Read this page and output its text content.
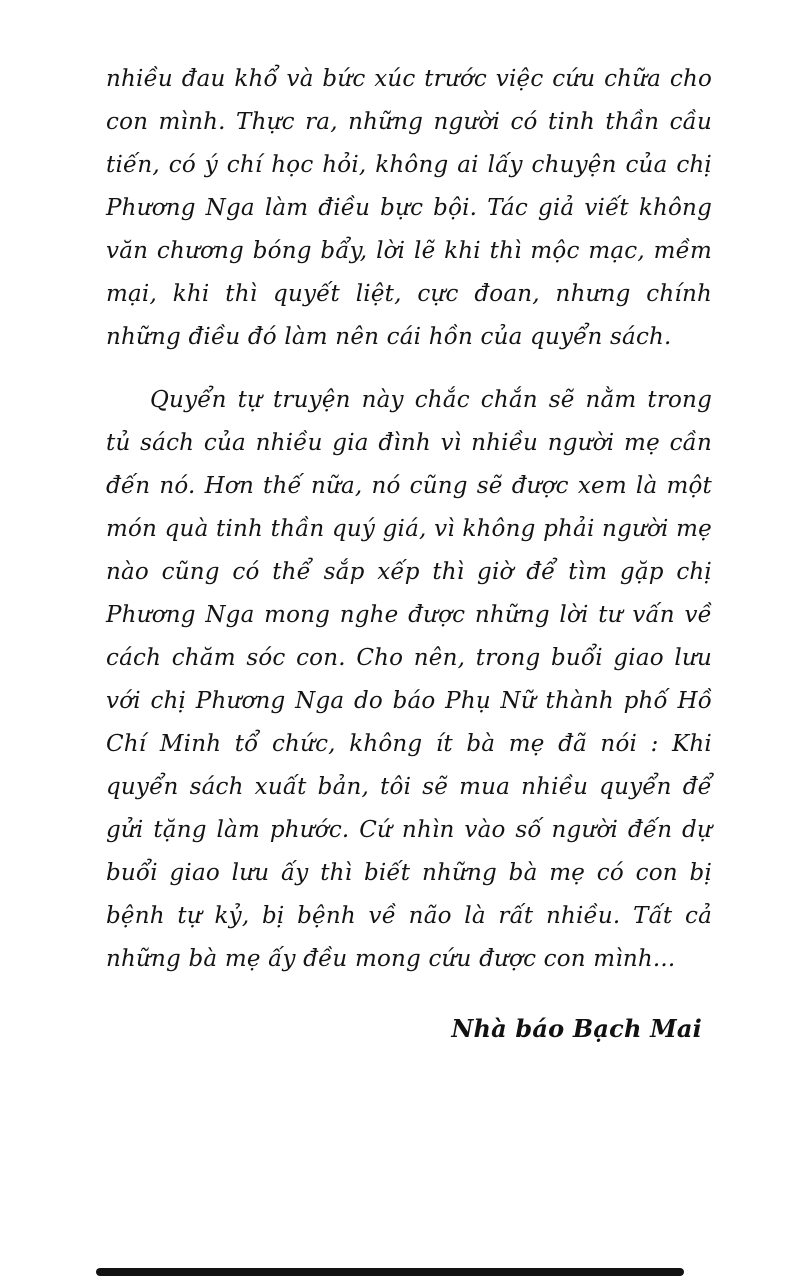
nhiều đau khổ và bức xúc trước việc cứu chữa cho con mình. Thực ra, những người có tinh thần cầu tiến, có ý chí học hỏi, không ai lấy chuyện của chị Phương Nga làm điều bực bội. Tác giả viết không văn chương bóng bẩy, lời lẽ khi thì mộc mạc, mềm mại, khi thì quyết liệt, cực đoan, nhưng chính những điều đó làm nên cái hồn của quyển sách.

Quyển tự truyện này chắc chắn sẽ nằm trong tủ sách của nhiều gia đình vì nhiều người mẹ cần đến nó. Hơn thế nữa, nó cũng sẽ được xem là một món quà tinh thần quý giá, vì không phải người mẹ nào cũng có thể sắp xếp thì giờ để tìm gặp chị Phương Nga mong nghe được những lời tư vấn về cách chăm sóc con. Cho nên, trong buổi giao lưu với chị Phương Nga do báo Phụ Nữ thành phố Hồ Chí Minh tổ chức, không ít bà mẹ đã nói : Khi quyển sách xuất bản, tôi sẽ mua nhiều quyển để gửi tặng làm phước. Cứ nhìn vào số người đến dự buổi giao lưu ấy thì biết những bà mẹ có con bị bệnh tự kỷ, bị bệnh về não là rất nhiều. Tất cả những bà mẹ ấy đều mong cứu được con mình...

Nhà báo Bạch Mai
